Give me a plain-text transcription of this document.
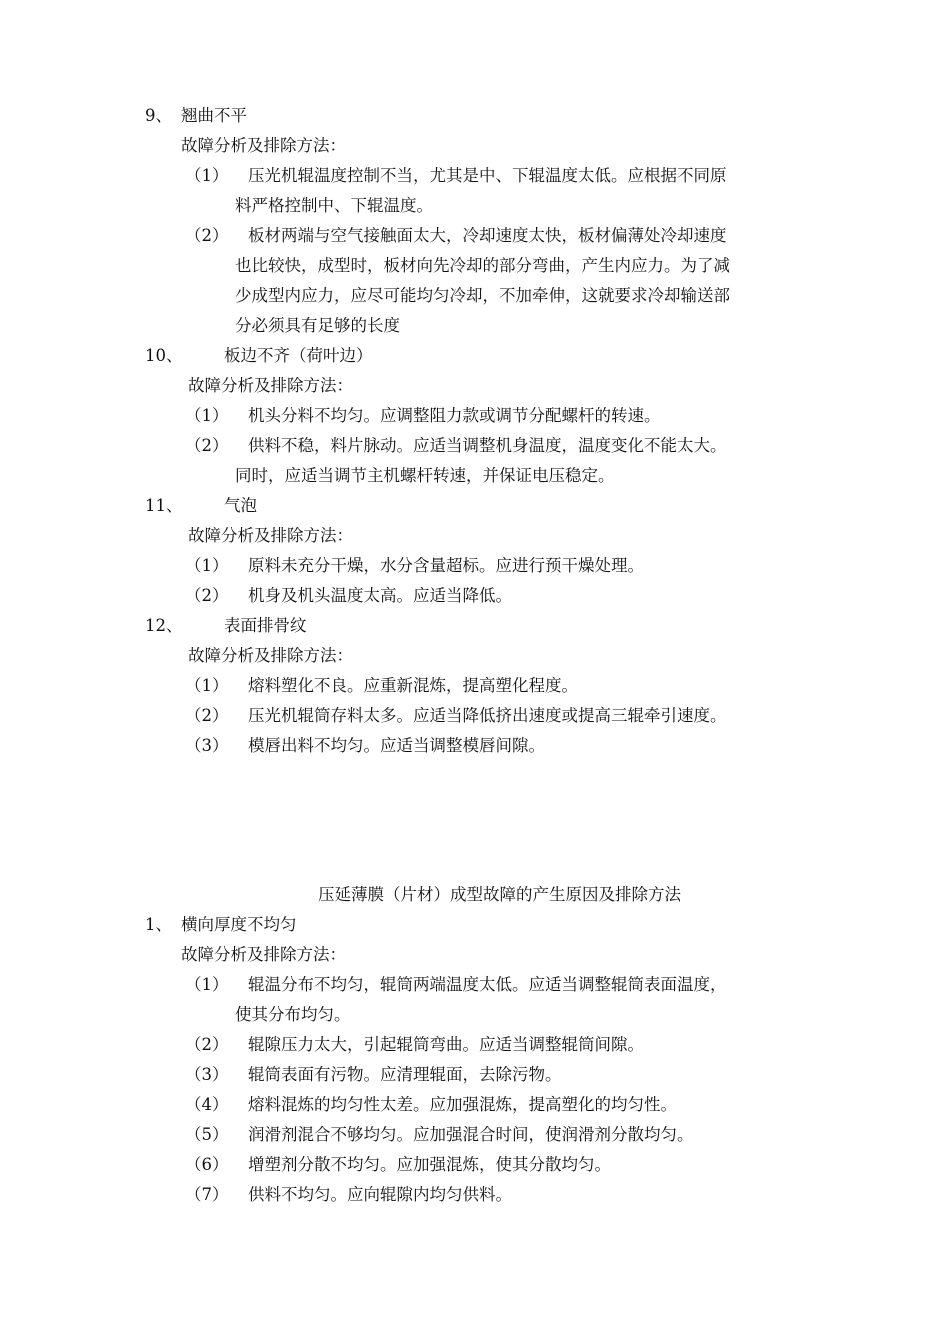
9、 翘曲不平
故障分析及排除方法：
（1） 压光机辊温度控制不当，尤其是中、下辊温度太低。应根据不同原
料严格控制中、下辊温度。
（2） 板材两端与空气接触面太大，冷却速度太快，板材偏薄处冷却速度
也比较快，成型时，板材向先冷却的部分弯曲，产生内应力。为了减
少成型内应力，应尽可能均匀冷却，不加牵伸，这就要求冷却输送部
分必须具有足够的长度
10、	板边不齐（荷叶边）
故障分析及排除方法：
（1） 机头分料不均匀。应调整阻力款或调节分配螺杆的转速。
（2） 供料不稳，料片脉动。应适当调整机身温度，温度变化不能太大。
同时，应适当调节主机螺杆转速，并保证电压稳定。
11、	气泡
故障分析及排除方法：
（1） 原料未充分干燥，水分含量超标。应进行预干燥处理。
（2） 机身及机头温度太高。应适当降低。
12、	表面排骨纹
故障分析及排除方法：
（1） 熔料塑化不良。应重新混炼，提高塑化程度。
（2） 压光机辊筒存料太多。应适当降低挤出速度或提高三辊牵引速度。
（3） 模唇出料不均匀。应适当调整模唇间隙。
压延薄膜（片材）成型故障的产生原因及排除方法
1、 横向厚度不均匀
故障分析及排除方法：
（1） 辊温分布不均匀，辊筒两端温度太低。应适当调整辊筒表面温度，
使其分布均匀。
（2） 辊隙压力太大，引起辊筒弯曲。应适当调整辊筒间隙。
（3） 辊筒表面有污物。应清理辊面，去除污物。
（4） 熔料混炼的均匀性太差。应加强混炼，提高塑化的均匀性。
（5） 润滑剂混合不够均匀。应加强混合时间，使润滑剂分散均匀。
（6） 增塑剂分散不均匀。应加强混炼，使其分散均匀。
（7） 供料不均匀。应向辊隙内均匀供料。
